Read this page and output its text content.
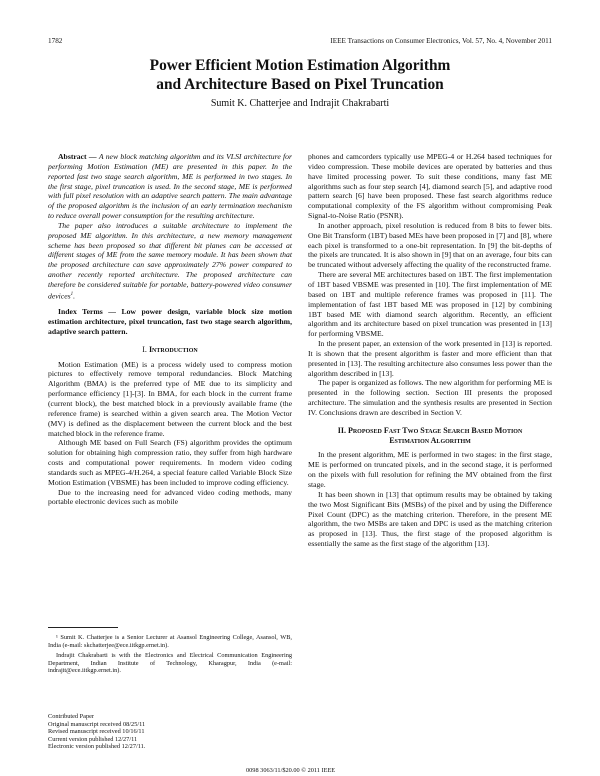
1782	IEEE Transactions on Consumer Electronics, Vol. 57, No. 4, November 2011
Power Efficient Motion Estimation Algorithm
and Architecture Based on Pixel Truncation
Sumit K. Chatterjee and Indrajit Chakrabarti

Abstract — A new block matching algorithm and its VLSI architecture for performing Motion Estimation (ME) are presented in this paper. In the reported fast two stage search algorithm, ME is performed in two stages. In the first stage, pixel truncation is used. In the second stage, ME is performed with full pixel resolution with an adaptive search pattern. The main advantage of the proposed algorithm is the inclusion of an early termination mechanism to reduce overall power consumption for the resulting architecture.

The paper also introduces a suitable architecture to implement the proposed ME algorithm. In this architecture, a new memory management scheme has been proposed so that different bit planes can be accessed at different stages of ME from the same memory module. It has been shown that the proposed architecture can save approximately 27% power compared to another recently reported architecture. The proposed architecture can therefore be considered suitable for portable, battery-powered video consumer devices$^1$.

Index Terms — Low power design, variable block size motion estimation architecture, pixel truncation, fast two stage search algorithm, adaptive search pattern.

I. Introduction

Motion Estimation (ME) is a process widely used to compress motion pictures to effectively remove temporal redundancies. Block Matching Algorithm (BMA) is the preferred type of ME due to its simplicity and performance efficiency [1]-[3]. In BMA, for each block in the current frame (current block), the best matched block in a previously available frame (the reference frame) is searched within a given search area. The Motion Vector (MV) is defined as the displacement between the current block and the best matched block in the reference frame.

Although ME based on Full Search (FS) algorithm provides the optimum solution for obtaining high compression ratio, they suffer from high hardware costs and computational power requirements. In modern video coding standards such as MPEG-4/H.264, a special feature called Variable Block Size Motion Estimation (VBSME) has been included to improve coding efficiency.

Due to the increasing need for advanced video coding methods, many portable electronic devices such as mobile

¹ Sumit K. Chatterjee is a Senior Lecturer at Asansol Engineering College, Asansol, WB, India (e-mail: skchatterjee@ece.iitkgp.ernet.in).

Indrajit Chakrabarti is with the Electronics and Electrical Communication Engineering Department, Indian Institute of Technology, Kharagpur, India (e-mail: indrajit@ece.iitkgp.ernet.in).

Contributed Paper
Original manuscript received 08/25/11
Revised manuscript received 10/16/11
Current version published 12/27/11
Electronic version published 12/27/11.

phones and camcorders typically use MPEG-4 or H.264 based techniques for video compression. These mobile devices are operated by batteries and thus have limited processing power. To suit these conditions, many fast ME algorithms such as four step search [4], diamond search [5], and adaptive rood pattern search [6] have been proposed. These fast search algorithms reduce computational complexity of the FS algorithm without compromising Peak Signal-to-Noise Ratio (PSNR).

In another approach, pixel resolution is reduced from 8 bits to fewer bits. One Bit Transform (1BT) based MEs have been proposed in [7] and [8], where each pixel is transformed to a one-bit representation. In [9] the bit-depths of the pixels are truncated. It is also shown in [9] that on an average, four bits can be truncated without adversely affecting the quality of the reconstructed frame.

There are several ME architectures based on 1BT. The first implementation of 1BT based VBSME was presented in [10]. The first implementation of ME based on 1BT and multiple reference frames was proposed in [11]. The implementation of fast 1BT based ME was proposed in [12] by combining 1BT based ME with diamond search algorithm. Recently, an efficient algorithm and its architecture based on pixel truncation was presented in [13] for performing VBSME.

In the present paper, an extension of the work presented in [13] is reported. It is shown that the present algorithm is faster and more efficient than that presented in [13]. The resulting architecture also consumes less power than the algorithm described in [13].

The paper is organized as follows. The new algorithm for performing ME is presented in the following section. Section III presents the proposed architecture. The simulation and the synthesis results are presented in Section IV. Conclusions drawn are described in Section V.

II. Proposed Fast Two Stage Search Based Motion
Estimation Algorithm

In the present algorithm, ME is performed in two stages: in the first stage, ME is performed on truncated pixels, and in the second stage, it is performed on the pixels with full resolution for refining the MV obtained from the first stage.

It has been shown in [13] that optimum results may be obtained by taking the two Most Significant Bits (MSBs) of the pixel and by using the Difference Pixel Count (DPC) as the matching criterion. Therefore, in the present ME algorithm, the two MSBs are taken and DPC is used as the matching criterion as proposed in [13]. Thus, the first stage of the proposed algorithm is essentially the same as the first stage of the algorithm [13].

0098 3063/11/$20.00 © 2011 IEEE
